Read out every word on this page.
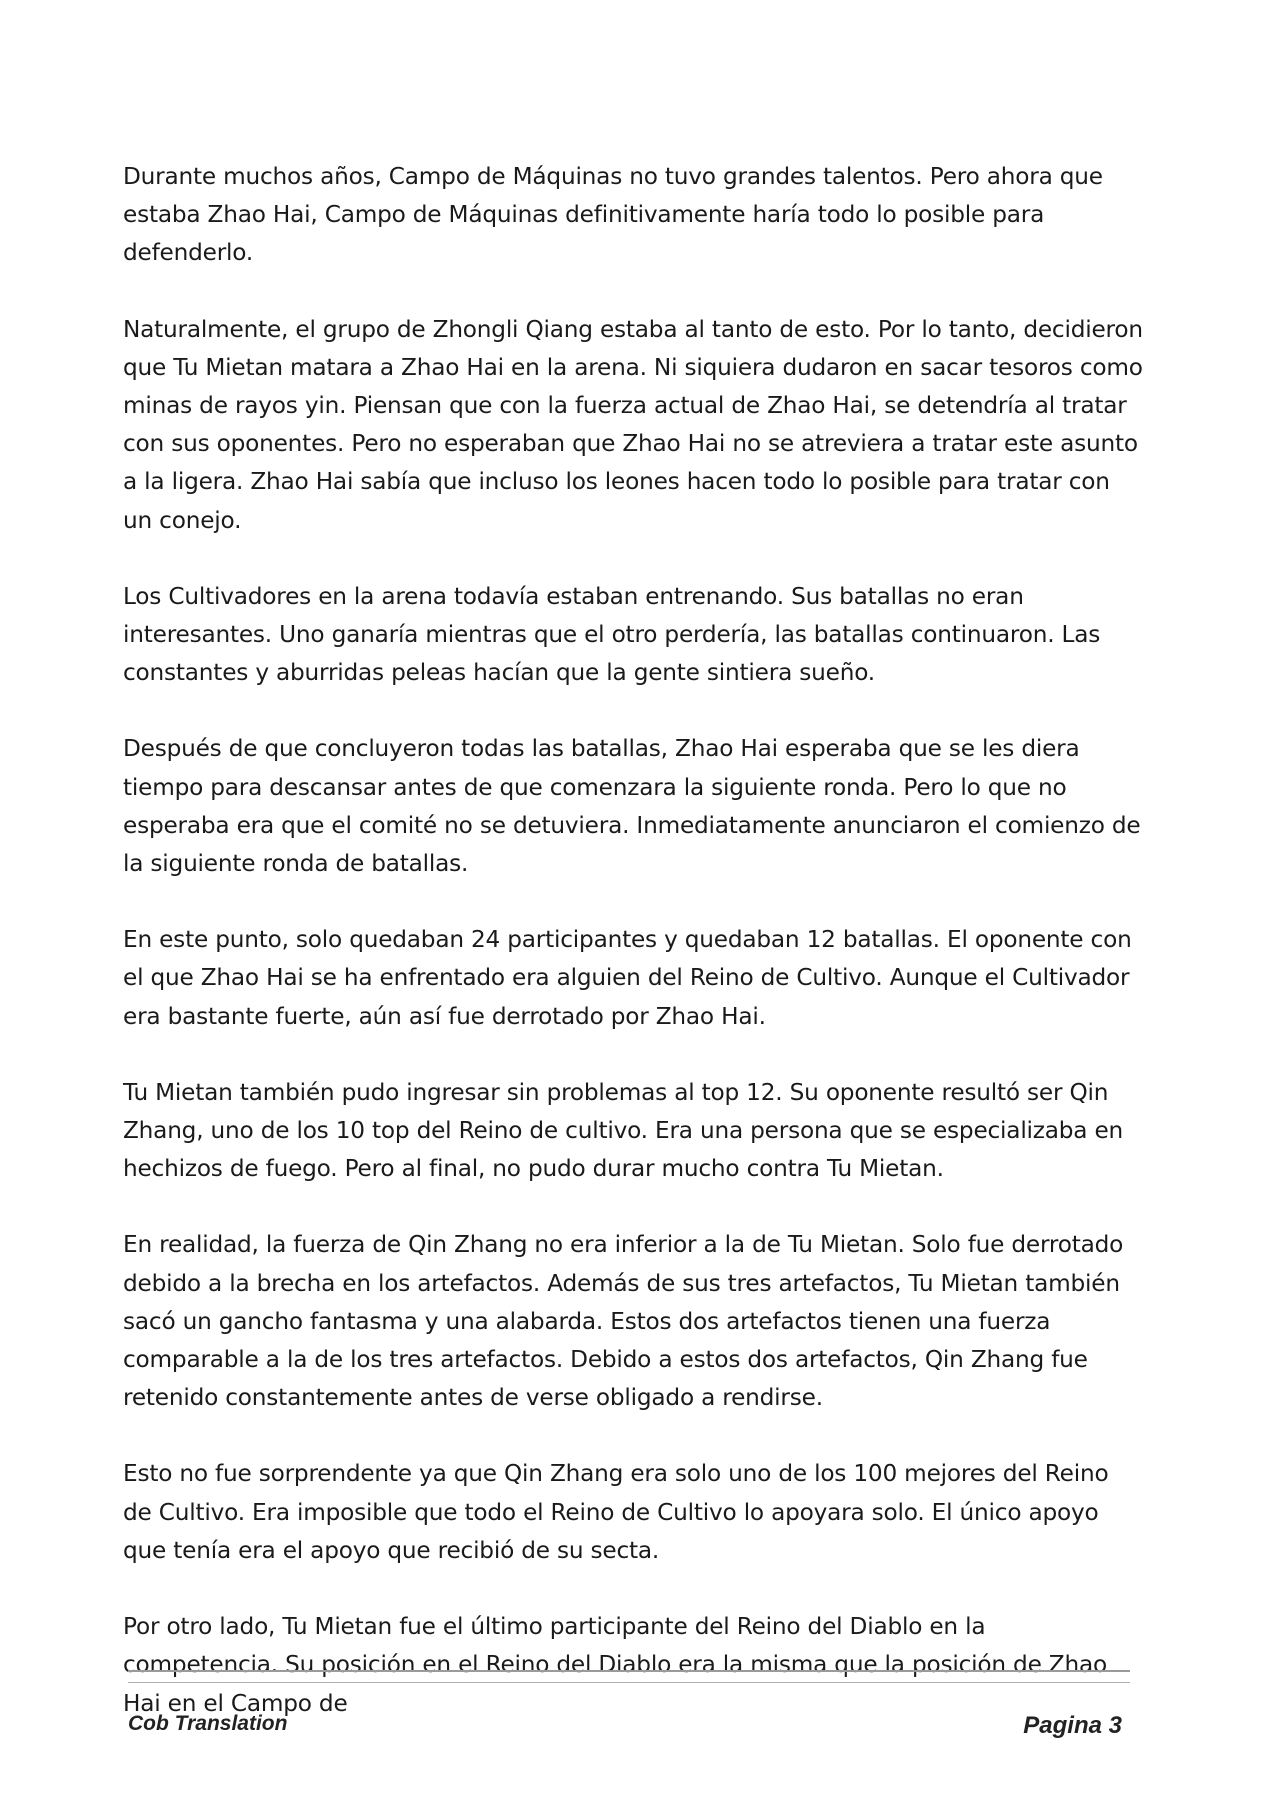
Durante muchos años, Campo de Máquinas no tuvo grandes talentos. Pero ahora que estaba Zhao Hai, Campo de Máquinas definitivamente haría todo lo posible para defenderlo.

Naturalmente, el grupo de Zhongli Qiang estaba al tanto de esto. Por lo tanto, decidieron que Tu Mietan matara a Zhao Hai en la arena. Ni siquiera dudaron en sacar tesoros como minas de rayos yin. Piensan que con la fuerza actual de Zhao Hai, se detendría al tratar con sus oponentes. Pero no esperaban que Zhao Hai no se atreviera a tratar este asunto a la ligera. Zhao Hai sabía que incluso los leones hacen todo lo posible para tratar con un conejo.

Los Cultivadores en la arena todavía estaban entrenando. Sus batallas no eran interesantes. Uno ganaría mientras que el otro perdería, las batallas continuaron. Las constantes y aburridas peleas hacían que la gente sintiera sueño.

Después de que concluyeron todas las batallas, Zhao Hai esperaba que se les diera tiempo para descansar antes de que comenzara la siguiente ronda. Pero lo que no esperaba era que el comité no se detuviera. Inmediatamente anunciaron el comienzo de la siguiente ronda de batallas.

En este punto, solo quedaban 24 participantes y quedaban 12 batallas. El oponente con el que Zhao Hai se ha enfrentado era alguien del Reino de Cultivo. Aunque el Cultivador era bastante fuerte, aún así fue derrotado por Zhao Hai.

Tu Mietan también pudo ingresar sin problemas al top 12. Su oponente resultó ser Qin Zhang, uno de los 10 top del Reino de cultivo. Era una persona que se especializaba en hechizos de fuego. Pero al final, no pudo durar mucho contra Tu Mietan.

En realidad, la fuerza de Qin Zhang no era inferior a la de Tu Mietan. Solo fue derrotado debido a la brecha en los artefactos. Además de sus tres artefactos, Tu Mietan también sacó un gancho fantasma y una alabarda. Estos dos artefactos tienen una fuerza comparable a la de los tres artefactos. Debido a estos dos artefactos, Qin Zhang fue retenido constantemente antes de verse obligado a rendirse.

Esto no fue sorprendente ya que Qin Zhang era solo uno de los 100 mejores del Reino de Cultivo. Era imposible que todo el Reino de Cultivo lo apoyara solo. El único apoyo que tenía era el apoyo que recibió de su secta.

Por otro lado, Tu Mietan fue el último participante del Reino del Diablo en la competencia. Su posición en el Reino del Diablo era la misma que la posición de Zhao Hai en el Campo de

Cob Translation	Pagina 3
